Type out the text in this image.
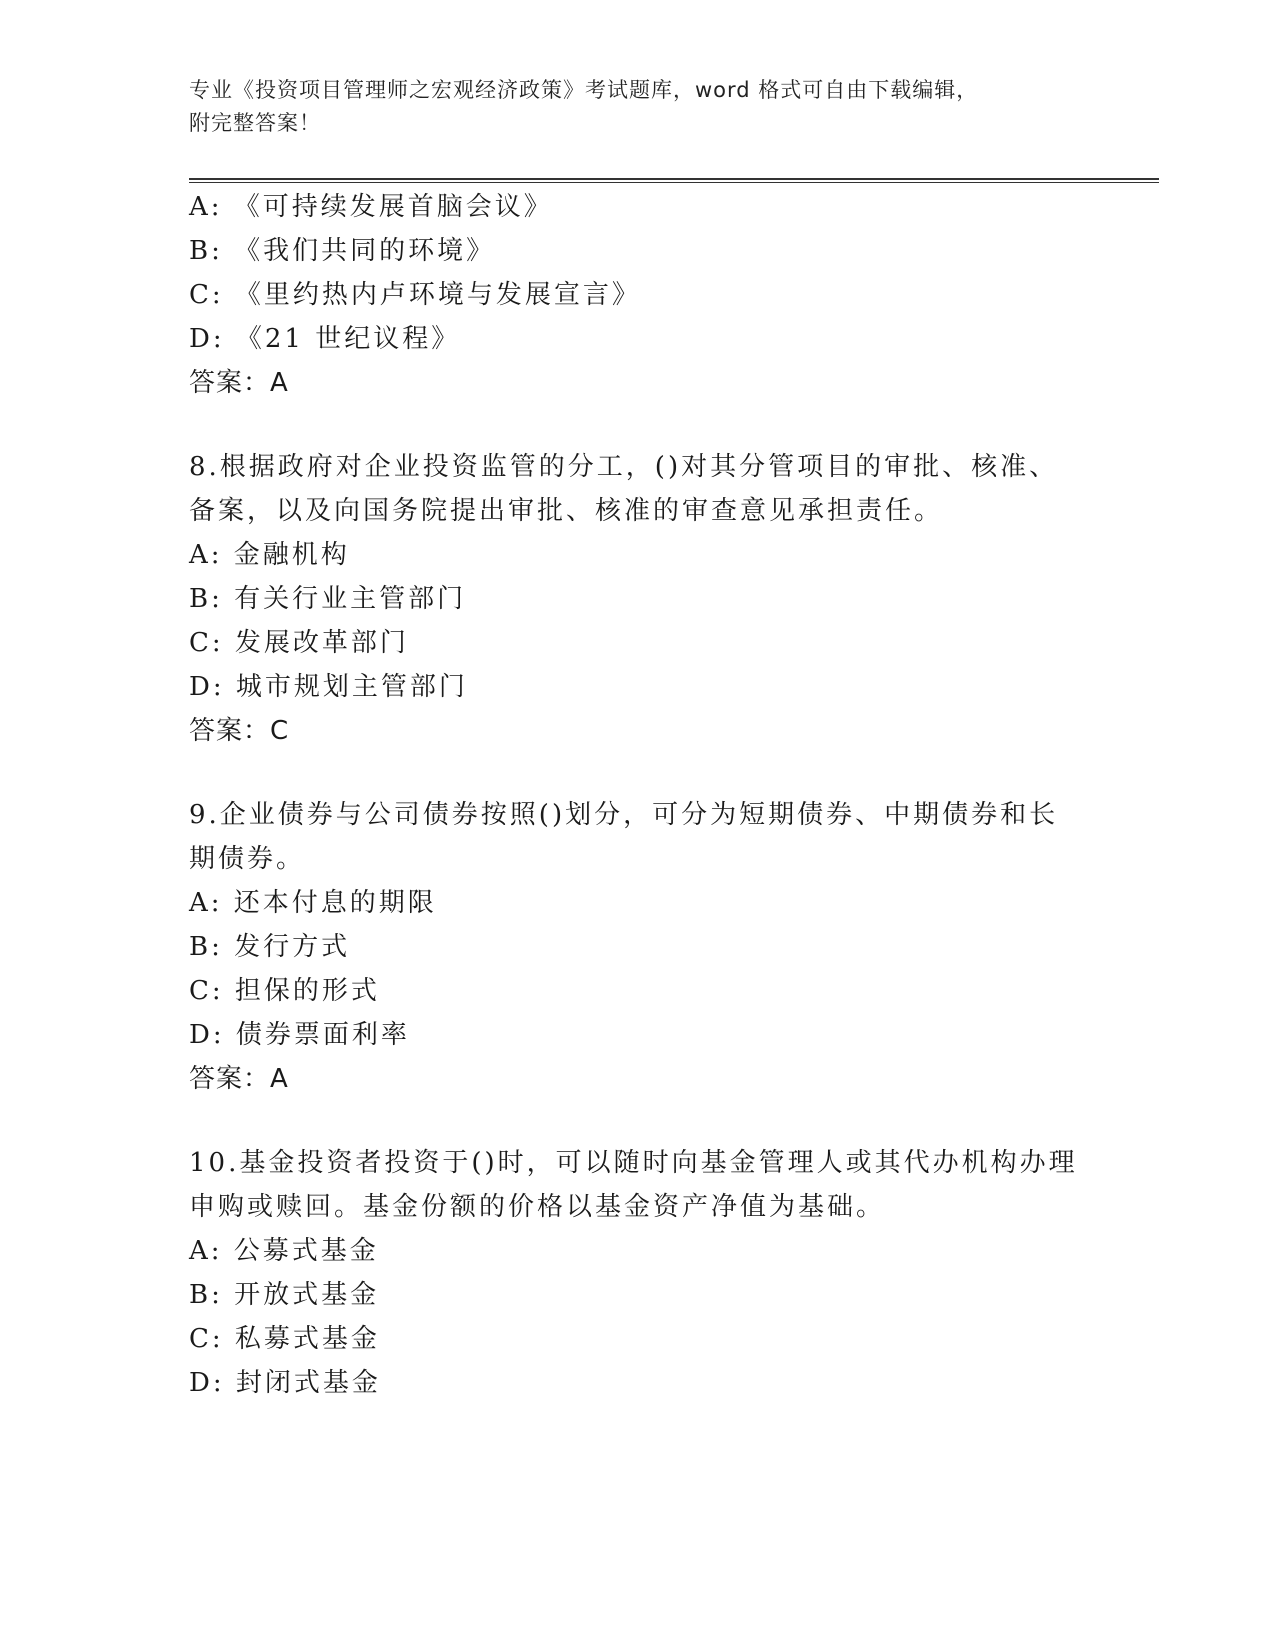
专业《投资项目管理师之宏观经济政策》考试题库，word 格式可自由下载编辑，
附完整答案！
A: 《可持续发展首脑会议》
B: 《我们共同的环境》
C: 《里约热内卢环境与发展宣言》
D: 《21 世纪议程》
答案：A
8.根据政府对企业投资监管的分工，()对其分管项目的审批、核准、
备案，以及向国务院提出审批、核准的审查意见承担责任。
A: 金融机构
B: 有关行业主管部门
C: 发展改革部门
D: 城市规划主管部门
答案：C
9.企业债券与公司债券按照()划分，可分为短期债券、中期债券和长
期债券。
A: 还本付息的期限
B: 发行方式
C: 担保的形式
D: 债券票面利率
答案：A
10.基金投资者投资于()时，可以随时向基金管理人或其代办机构办理
申购或赎回。基金份额的价格以基金资产净值为基础。
A: 公募式基金
B: 开放式基金
C: 私募式基金
D: 封闭式基金
